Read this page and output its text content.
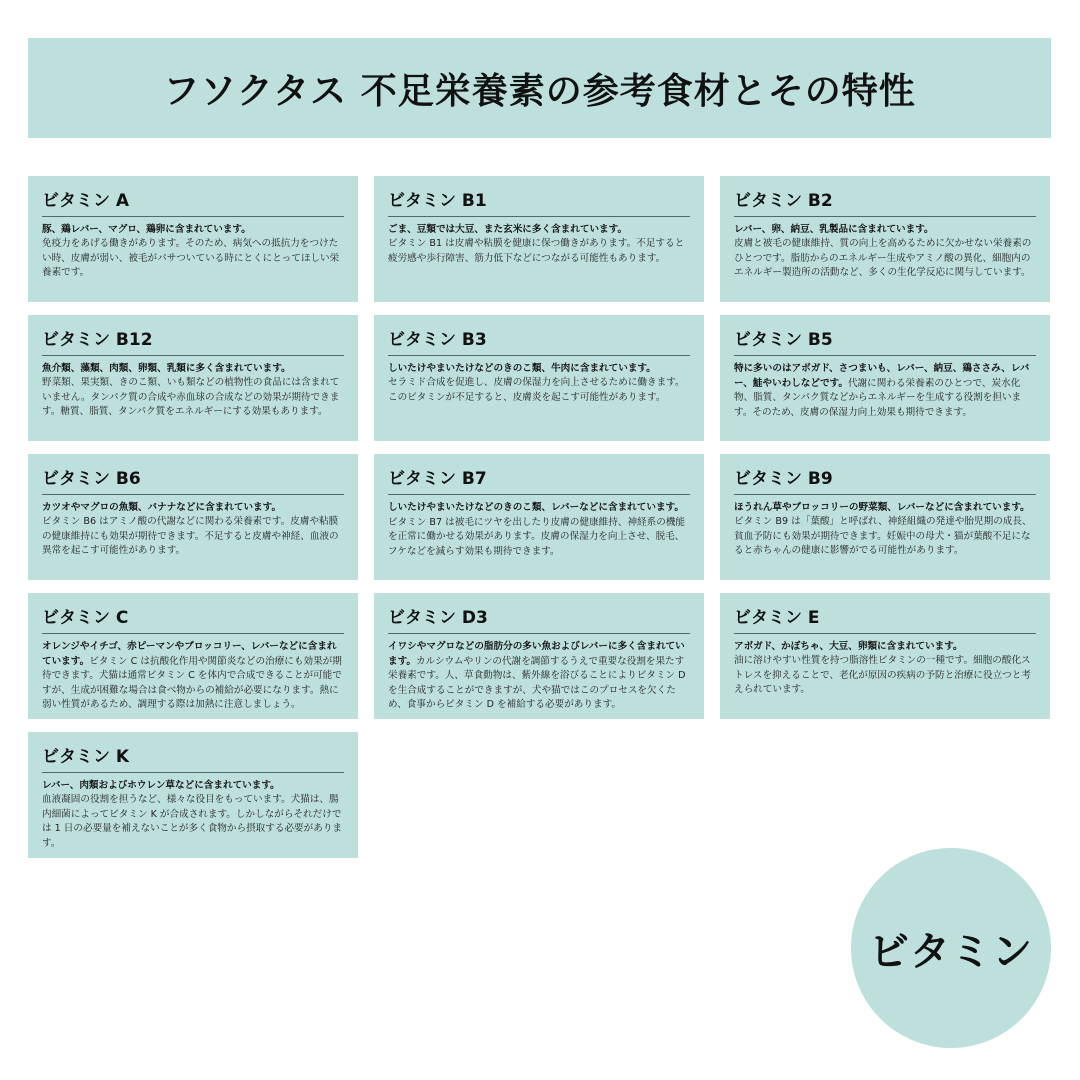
フソクタス 不足栄養素の参考食材とその特性
ビタミン A
豚、鶏レバー、マグロ、鶏卵に含まれています。
免疫力をあげる働きがあります。そのため、病気への抵抗力をつけたい時、皮膚が弱い、被毛がパサついている時にとくにとってほしい栄養素です。
ビタミン B1
ごま、豆類では大豆、また玄米に多く含まれています。
ビタミン B1 は皮膚や粘膜を健康に保つ働きがあります。不足すると疲労感や歩行障害、筋力低下などにつながる可能性もあります。
ビタミン B2
レバー、卵、納豆、乳製品に含まれています。
皮膚と被毛の健康維持、質の向上を高めるために欠かせない栄養素のひとつです。脂肪からのエネルギー生成やアミノ酸の異化、細胞内のエネルギー製造所の活動など、多くの生化学反応に関与しています。
ビタミン B12
魚介類、藻類、肉類、卵類、乳類に多く含まれています。
野菜類、果実類、きのこ類、いも類などの植物性の食品には含まれていません。タンパク質の合成や赤血球の合成などの効果が期待できます。糖質、脂質、タンパク質をエネルギーにする効果もあります。
ビタミン B3
しいたけやまいたけなどのきのこ類、牛肉に含まれています。
セラミド合成を促進し、皮膚の保湿力を向上させるために働きます。このビタミンが不足すると、皮膚炎を起こす可能性があります。
ビタミン B5
特に多いのはアボガド、さつまいも、レバー、納豆、鶏ささみ、レバー、鮭やいわしなどです。代謝に関わる栄養素のひとつで、炭水化物、脂質、タンパク質などからエネルギーを生成する役割を担います。そのため、皮膚の保湿力向上効果も期待できます。
ビタミン B6
カツオやマグロの魚類、バナナなどに含まれています。
ビタミン B6 はアミノ酸の代謝などに関わる栄養素です。皮膚や粘膜の健康維持にも効果が期待できます。不足すると皮膚や神経、血液の異常を起こす可能性があります。
ビタミン B7
しいたけやまいたけなどのきのこ類、レバーなどに含まれています。ビタミン B7 は被毛にツヤを出したり皮膚の健康維持、神経系の機能を正常に働かせる効果があります。皮膚の保湿力を向上させ、脱毛、フケなどを減らす効果も期待できます。
ビタミン B9
ほうれん草やブロッコリーの野菜類、レバーなどに含まれています。
ビタミン B9 は「葉酸」と呼ばれ、神経組織の発達や胎児期の成長、貧血予防にも効果が期待できます。妊娠中の母犬・猫が葉酸不足になると赤ちゃんの健康に影響がでる可能性があります。
ビタミン C
オレンジやイチゴ、赤ピーマンやブロッコリー、レバーなどに含まれています。ビタミン C は抗酸化作用や関節炎などの治療にも効果が期待できます。犬猫は通常ビタミン C を体内で合成できることが可能ですが、生成が困難な場合は食べ物からの補給が必要になります。熱に弱い性質があるため、調理する際は加熱に注意しましょう。
ビタミン D3
イワシやマグロなどの脂肪分の多い魚およびレバーに多く含まれています。カルシウムやリンの代謝を調節するうえで重要な役割を果たす栄養素です。人、草食動物は、紫外線を浴びることによりビタミン D を生合成することができますが、犬や猫ではこのプロセスを欠くため、食事からビタミン D を補給する必要があります。
ビタミン E
アボガド、かぼちゃ、大豆、卵類に含まれています。
油に溶けやすい性質を持つ脂溶性ビタミンの一種です。細胞の酸化ストレスを抑えることで、老化が原因の疾病の予防と治療に役立つと考えられています。
ビタミン K
レバー、肉類およびホウレン草などに含まれています。
血液凝固の役割を担うなど、様々な役目をもっています。犬猫は、腸内細菌によってビタミン K が合成されます。しかしながらそれだけでは 1 日の必要量を補えないことが多く食物から摂取する必要があります。
ビタミン
